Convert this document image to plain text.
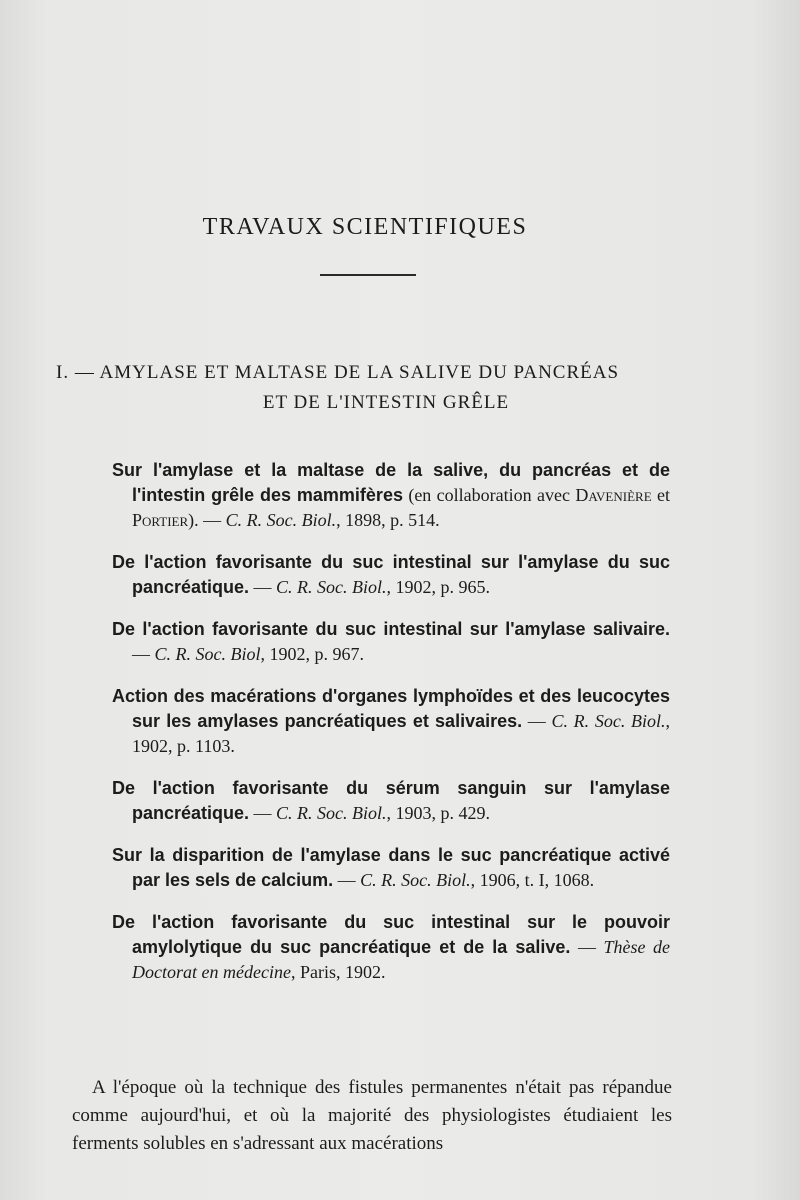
TRAVAUX SCIENTIFIQUES
I. — AMYLASE ET MALTASE DE LA SALIVE DU PANCRÉAS
ET DE L'INTESTIN GRÊLE

Sur l'amylase et la maltase de la salive, du pancréas et de l'intestin grêle des mammifères (en collaboration avec Davenière et Portier). — C. R. Soc. Biol., 1898, p. 514.

De l'action favorisante du suc intestinal sur l'amylase du suc pancréatique. — C. R. Soc. Biol., 1902, p. 965.

De l'action favorisante du suc intestinal sur l'amylase salivaire. — C. R. Soc. Biol, 1902, p. 967.

Action des macérations d'organes lymphoïdes et des leucocytes sur les amylases pancréatiques et salivaires. — C. R. Soc. Biol., 1902, p. 1103.

De l'action favorisante du sérum sanguin sur l'amylase pancréatique. — C. R. Soc. Biol., 1903, p. 429.

Sur la disparition de l'amylase dans le suc pancréatique activé par les sels de calcium. — C. R. Soc. Biol., 1906, t. I, 1068.

De l'action favorisante du suc intestinal sur le pouvoir amylolytique du suc pancréatique et de la salive. — Thèse de Doctorat en médecine, Paris, 1902.

A l'époque où la technique des fistules permanentes n'était pas répandue comme aujourd'hui, et où la majorité des physiologistes étudiaient les ferments solubles en s'adressant aux macérations
